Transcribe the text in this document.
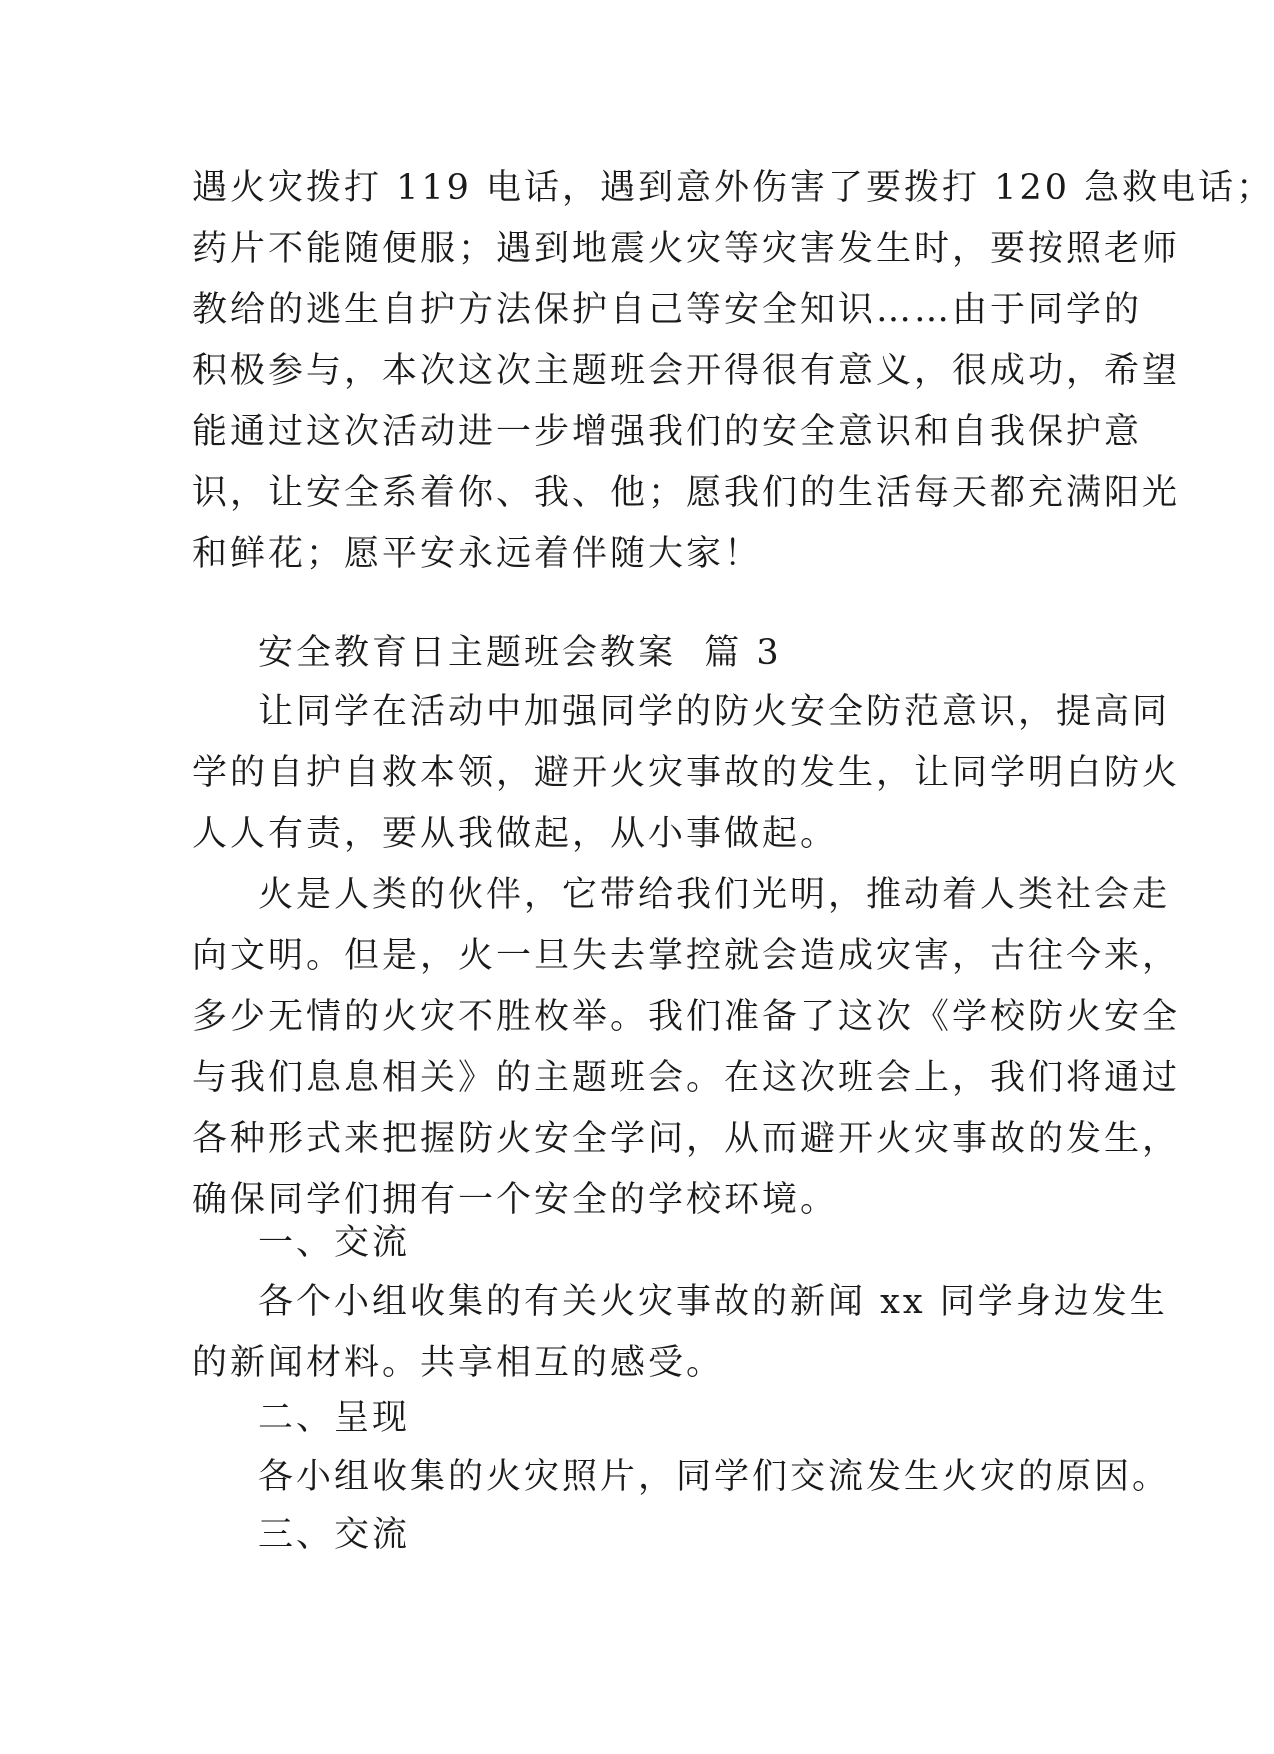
遇火灾拨打 119 电话，遇到意外伤害了要拨打 120 急救电话；
药片不能随便服；遇到地震火灾等灾害发生时，要按照老师
教给的逃生自护方法保护自己等安全知识……由于同学的
积极参与，本次这次主题班会开得很有意义，很成功，希望
能通过这次活动进一步增强我们的安全意识和自我保护意
识，让安全系着你、我、他；愿我们的生活每天都充满阳光
和鲜花；愿平安永远着伴随大家！
安全教育日主题班会教案  篇 3
让同学在活动中加强同学的防火安全防范意识，提高同
学的自护自救本领，避开火灾事故的发生，让同学明白防火
人人有责，要从我做起，从小事做起。
火是人类的伙伴，它带给我们光明，推动着人类社会走
向文明。但是，火一旦失去掌控就会造成灾害，古往今来，
多少无情的火灾不胜枚举。我们准备了这次《学校防火安全
与我们息息相关》的主题班会。在这次班会上，我们将通过
各种形式来把握防火安全学问，从而避开火灾事故的发生，
确保同学们拥有一个安全的学校环境。
一、交流
各个小组收集的有关火灾事故的新闻 xx 同学身边发生
的新闻材料。共享相互的感受。
二、呈现
各小组收集的火灾照片，同学们交流发生火灾的原因。
三、交流
